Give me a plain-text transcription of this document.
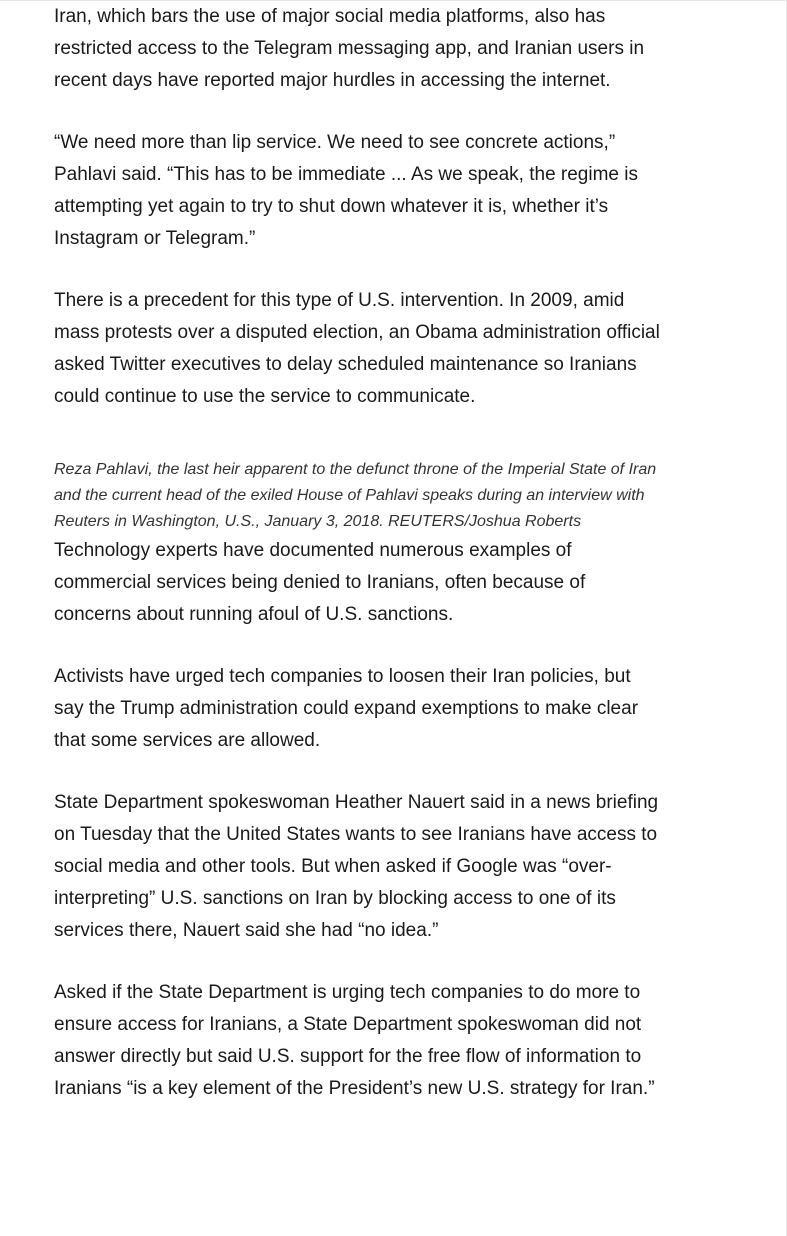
Iran, which bars the use of major social media platforms, also has restricted access to the Telegram messaging app, and Iranian users in recent days have reported major hurdles in accessing the internet.

“We need more than lip service. We need to see concrete actions,” Pahlavi said. “This has to be immediate ... As we speak, the regime is attempting yet again to try to shut down whatever it is, whether it’s Instagram or Telegram.”

There is a precedent for this type of U.S. intervention. In 2009, amid mass protests over a disputed election, an Obama administration official asked Twitter executives to delay scheduled maintenance so Iranians could continue to use the service to communicate.

Reza Pahlavi, the last heir apparent to the defunct throne of the Imperial State of Iran and the current head of the exiled House of Pahlavi speaks during an interview with Reuters in Washington, U.S., January 3, 2018. REUTERS/Joshua Roberts

Technology experts have documented numerous examples of commercial services being denied to Iranians, often because of concerns about running afoul of U.S. sanctions.

Activists have urged tech companies to loosen their Iran policies, but say the Trump administration could expand exemptions to make clear that some services are allowed.

State Department spokeswoman Heather Nauert said in a news briefing on Tuesday that the United States wants to see Iranians have access to social media and other tools. But when asked if Google was “over-interpreting” U.S. sanctions on Iran by blocking access to one of its services there, Nauert said she had “no idea.”

Asked if the State Department is urging tech companies to do more to ensure access for Iranians, a State Department spokeswoman did not answer directly but said U.S. support for the free flow of information to Iranians “is a key element of the President’s new U.S. strategy for Iran.”
